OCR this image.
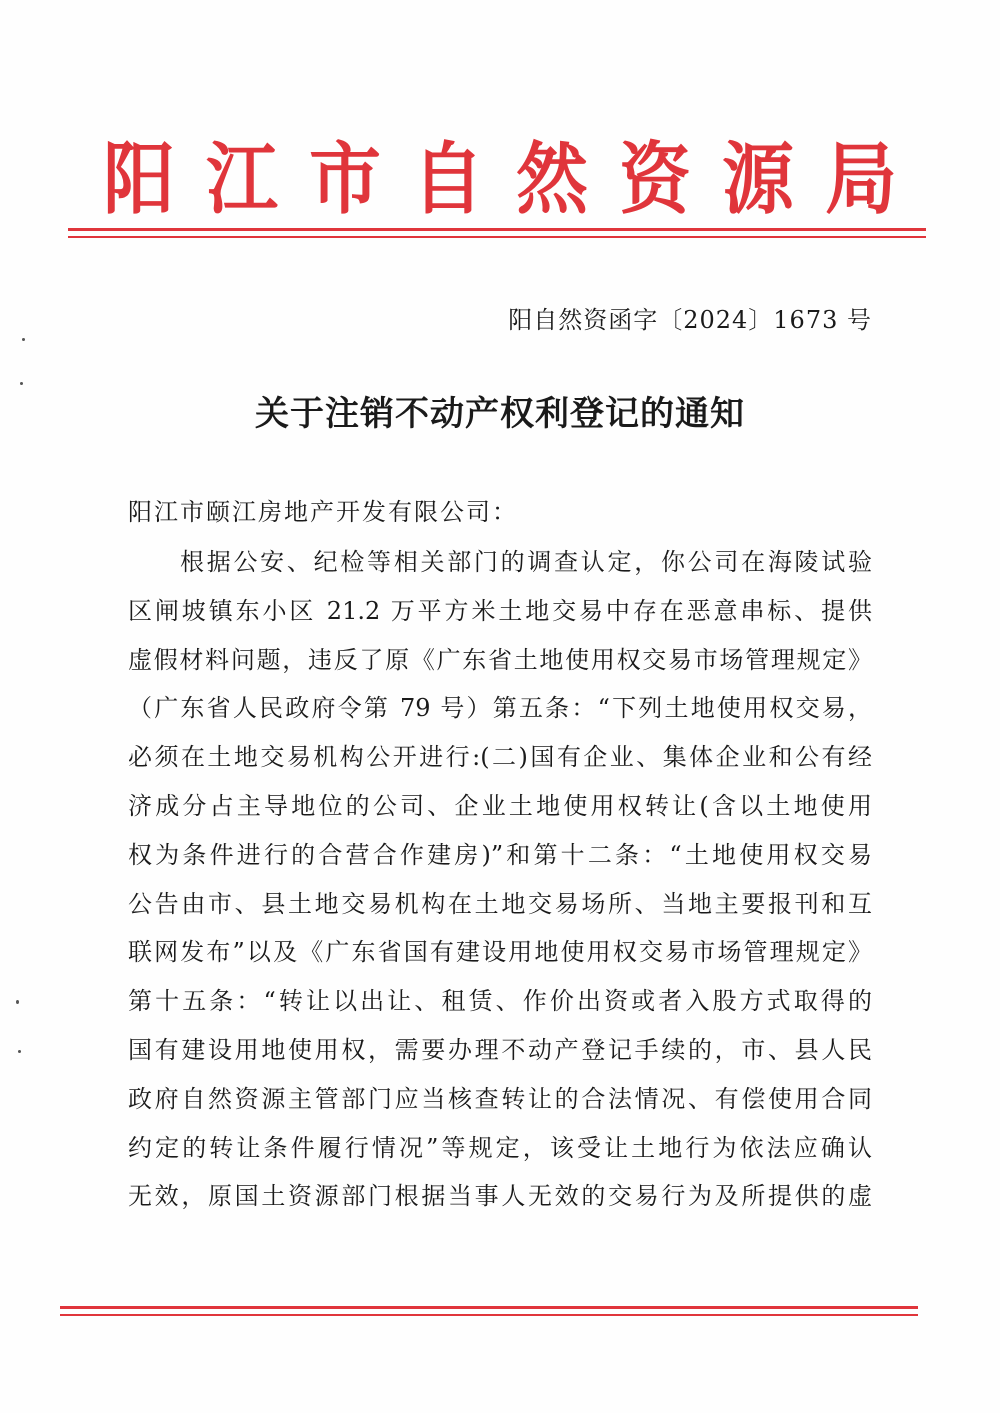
阳 江 市 自 然 资 源 局
阳自然资函字〔2024〕1673 号
关于注销不动产权利登记的通知
阳江市颐江房地产开发有限公司：
根据公安、纪检等相关部门的调查认定，你公司在海陵试验
区闸坡镇东小区 21.2 万平方米土地交易中存在恶意串标、提供
虚假材料问题，违反了原《广东省土地使用权交易市场管理规定》
（广东省人民政府令第 79 号）第五条：“下列土地使用权交易，
必须在土地交易机构公开进行:(二)国有企业、集体企业和公有经
济成分占主导地位的公司、企业土地使用权转让(含以土地使用
权为条件进行的合营合作建房)”和第十二条：“土地使用权交易
公告由市、县土地交易机构在土地交易场所、当地主要报刊和互
联网发布”以及《广东省国有建设用地使用权交易市场管理规定》
第十五条：“转让以出让、租赁、作价出资或者入股方式取得的
国有建设用地使用权，需要办理不动产登记手续的，市、县人民
政府自然资源主管部门应当核查转让的合法情况、有偿使用合同
约定的转让条件履行情况”等规定，该受让土地行为依法应确认
无效，原国土资源部门根据当事人无效的交易行为及所提供的虚
